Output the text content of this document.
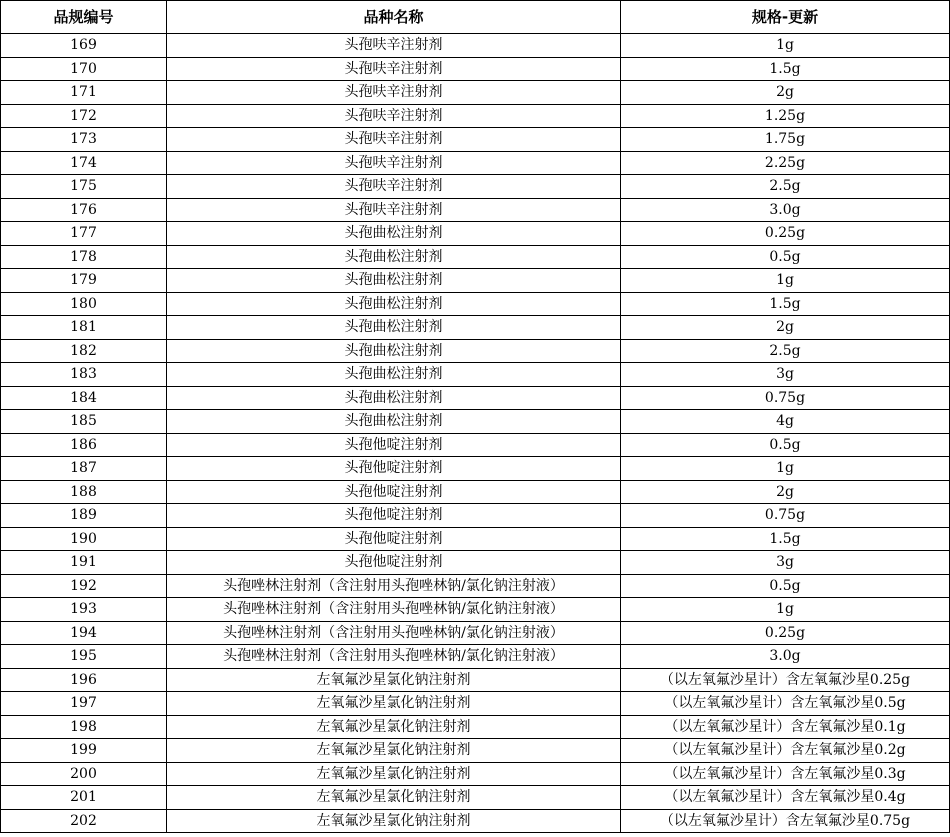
品规编号	品种名称	规格-更新
169	头孢呋辛注射剂	1g
170	头孢呋辛注射剂	1.5g
171	头孢呋辛注射剂	2g
172	头孢呋辛注射剂	1.25g
173	头孢呋辛注射剂	1.75g
174	头孢呋辛注射剂	2.25g
175	头孢呋辛注射剂	2.5g
176	头孢呋辛注射剂	3.0g
177	头孢曲松注射剂	0.25g
178	头孢曲松注射剂	0.5g
179	头孢曲松注射剂	1g
180	头孢曲松注射剂	1.5g
181	头孢曲松注射剂	2g
182	头孢曲松注射剂	2.5g
183	头孢曲松注射剂	3g
184	头孢曲松注射剂	0.75g
185	头孢曲松注射剂	4g
186	头孢他啶注射剂	0.5g
187	头孢他啶注射剂	1g
188	头孢他啶注射剂	2g
189	头孢他啶注射剂	0.75g
190	头孢他啶注射剂	1.5g
191	头孢他啶注射剂	3g
192	头孢唑林注射剂（含注射用头孢唑林钠/氯化钠注射液）	0.5g
193	头孢唑林注射剂（含注射用头孢唑林钠/氯化钠注射液）	1g
194	头孢唑林注射剂（含注射用头孢唑林钠/氯化钠注射液）	0.25g
195	头孢唑林注射剂（含注射用头孢唑林钠/氯化钠注射液）	3.0g
196	左氧氟沙星氯化钠注射剂	（以左氧氟沙星计）含左氧氟沙星0.25g
197	左氧氟沙星氯化钠注射剂	（以左氧氟沙星计）含左氧氟沙星0.5g
198	左氧氟沙星氯化钠注射剂	（以左氧氟沙星计）含左氧氟沙星0.1g
199	左氧氟沙星氯化钠注射剂	（以左氧氟沙星计）含左氧氟沙星0.2g
200	左氧氟沙星氯化钠注射剂	（以左氧氟沙星计）含左氧氟沙星0.3g
201	左氧氟沙星氯化钠注射剂	（以左氧氟沙星计）含左氧氟沙星0.4g
202	左氧氟沙星氯化钠注射剂	（以左氧氟沙星计）含左氧氟沙星0.75g
